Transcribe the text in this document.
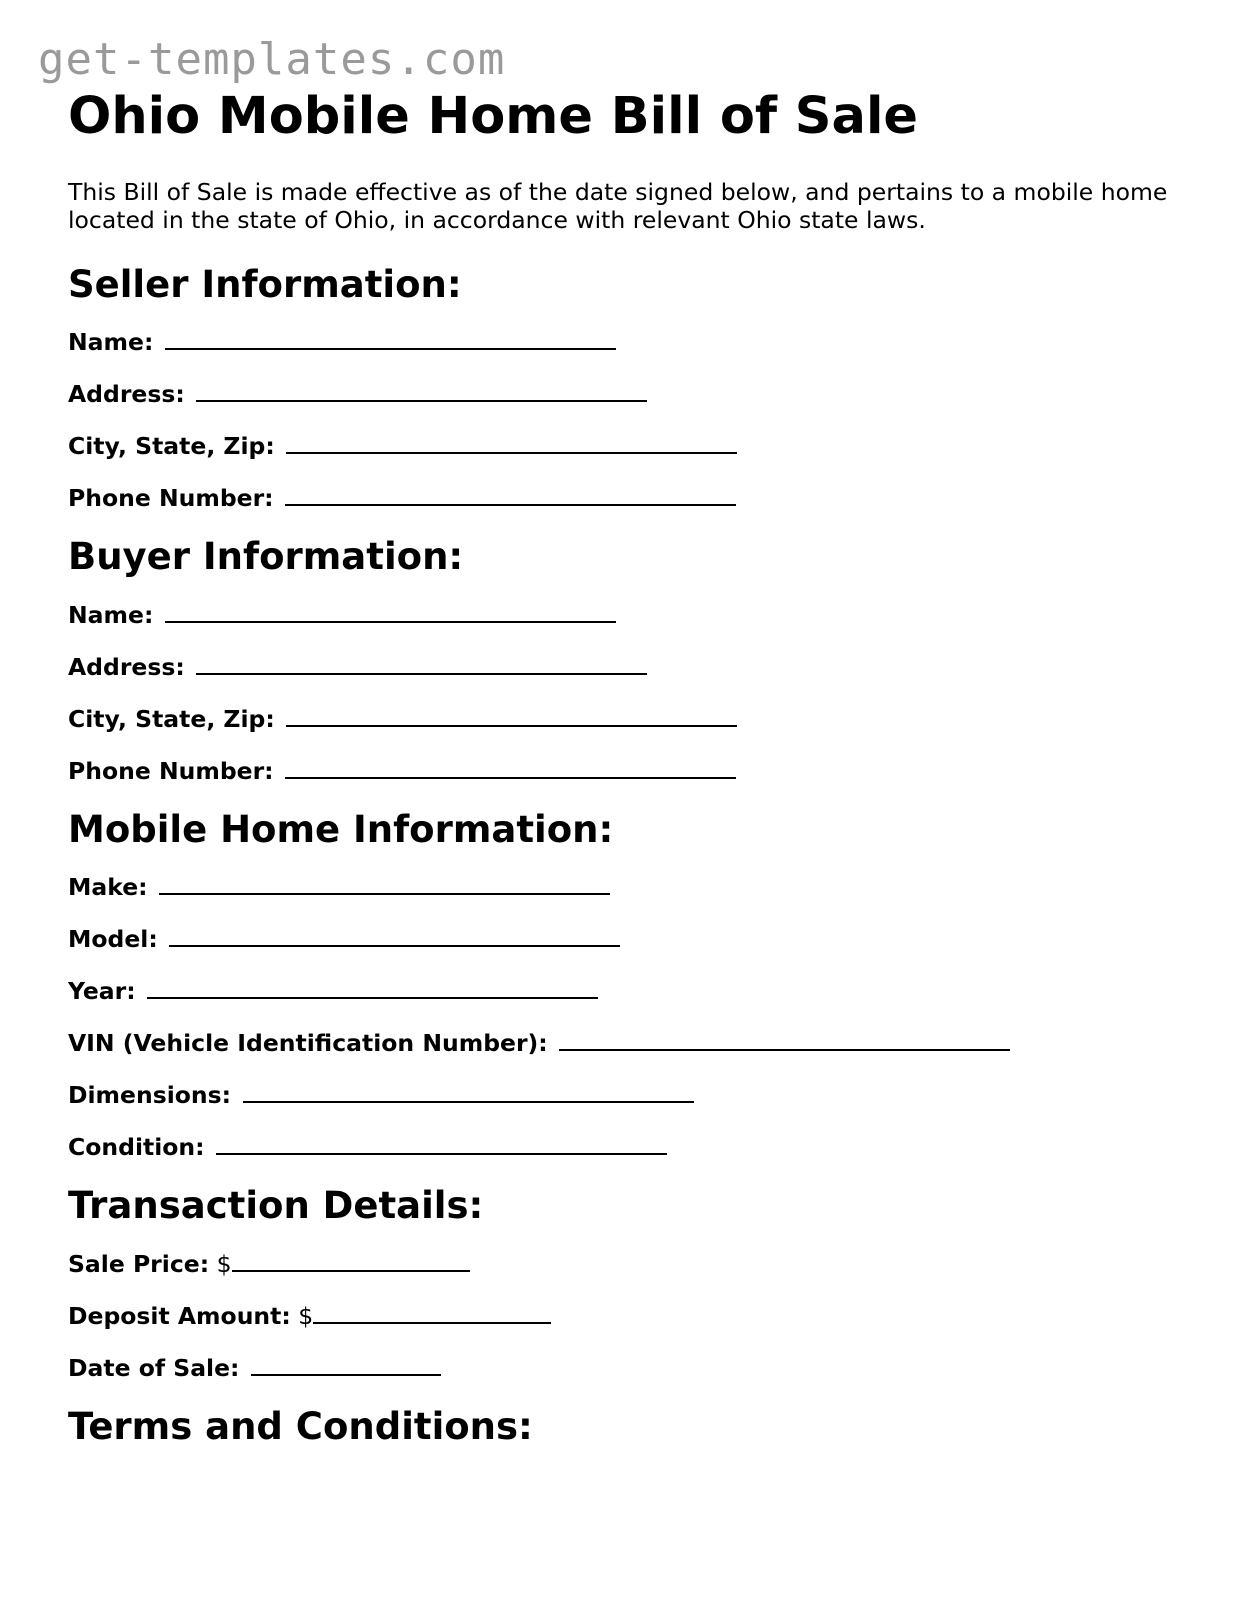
get-templates.com
Ohio Mobile Home Bill of Sale

This Bill of Sale is made effective as of the date signed below, and pertains to a mobile home located in the state of Ohio, in accordance with relevant Ohio state laws.

Seller Information:
Name:
Address:
City, State, Zip:
Phone Number:
Buyer Information:
Name:
Address:
City, State, Zip:
Phone Number:
Mobile Home Information:
Make:
Model:
Year:
VIN (Vehicle Identification Number):
Dimensions:
Condition:
Transaction Details:
Sale Price: $
Deposit Amount: $
Date of Sale:
Terms and Conditions:
